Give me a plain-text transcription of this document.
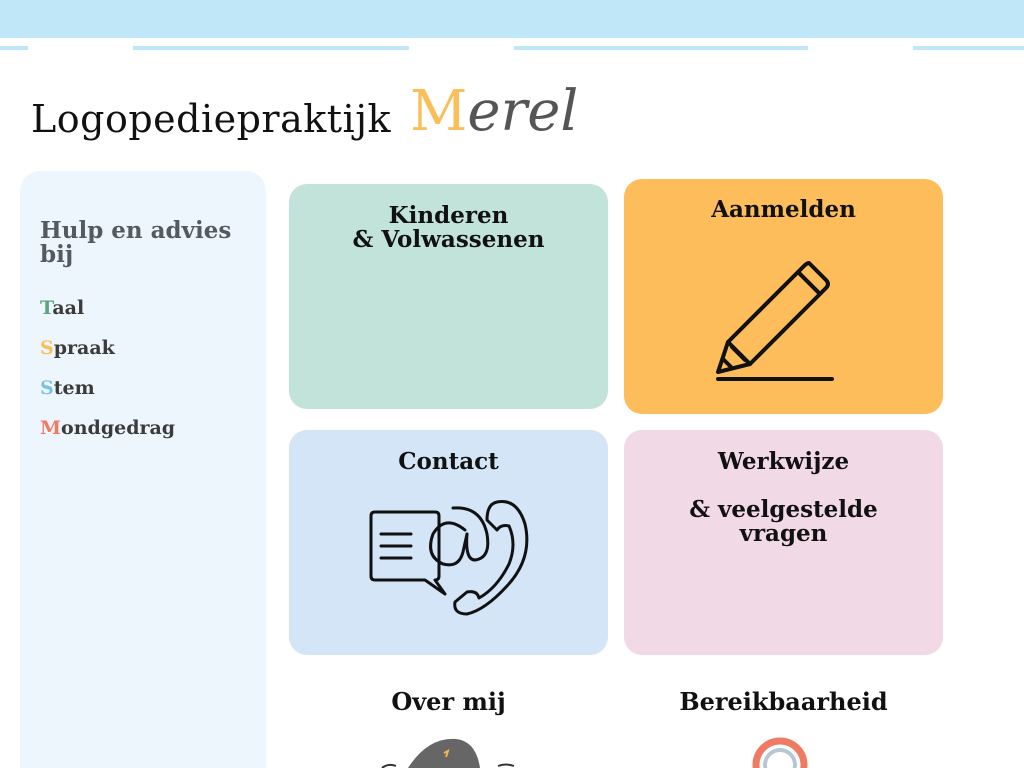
Logopediepraktijk Merel
Hulp en advies bij
Taal
Spraak
Stem
Mondgedrag

Kinderen

& Volwassenen

Aanmelden

Contact	Werkwijze

& veelgestelde

vragen

Over mij	Bereikbaarheid
